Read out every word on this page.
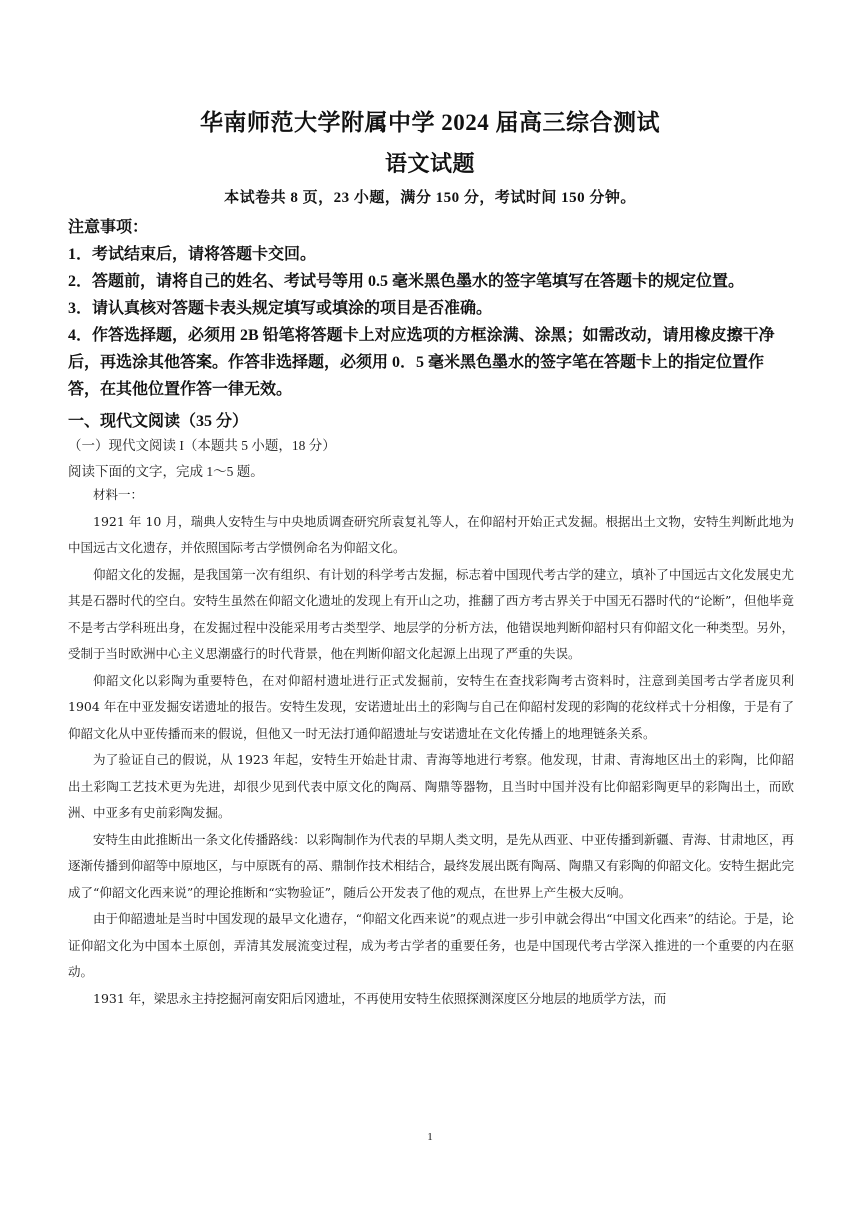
华南师范大学附属中学 2024 届高三综合测试
语文试题
本试卷共 8 页，23 小题，满分 150 分，考试时间 150 分钟。
注意事项：
1．考试结束后，请将答题卡交回。
2．答题前，请将自己的姓名、考试号等用 0.5 毫米黑色墨水的签字笔填写在答题卡的规定位置。
3．请认真核对答题卡表头规定填写或填涂的项目是否准确。
4．作答选择题，必须用 2B 铅笔将答题卡上对应选项的方框涂满、涂黑；如需改动，请用橡皮擦干净后，再选涂其他答案。作答非选择题，必须用 0．5 毫米黑色墨水的签字笔在答题卡上的指定位置作答，在其他位置作答一律无效。
一、现代文阅读（35 分）
（一）现代文阅读 I（本题共 5 小题，18 分）
阅读下面的文字，完成 1～5 题。

材料一：

1921 年 10 月，瑞典人安特生与中央地质调查研究所袁复礼等人，在仰韶村开始正式发掘。根据出土文物，安特生判断此地为中国远古文化遗存，并依照国际考古学惯例命名为仰韶文化。

仰韶文化的发掘，是我国第一次有组织、有计划的科学考古发掘，标志着中国现代考古学的建立，填补了中国远古文化发展史尤其是石器时代的空白。安特生虽然在仰韶文化遗址的发现上有开山之功，推翻了西方考古界关于中国无石器时代的“论断”，但他毕竟不是考古学科班出身，在发掘过程中没能采用考古类型学、地层学的分析方法，他错误地判断仰韶村只有仰韶文化一种类型。另外，受制于当时欧洲中心主义思潮盛行的时代背景，他在判断仰韶文化起源上出现了严重的失误。

仰韶文化以彩陶为重要特色，在对仰韶村遗址进行正式发掘前，安特生在查找彩陶考古资料时，注意到美国考古学者庞贝利 1904 年在中亚发掘安诺遗址的报告。安特生发现，安诺遗址出土的彩陶与自己在仰韶村发现的彩陶的花纹样式十分相像，于是有了仰韶文化从中亚传播而来的假说，但他又一时无法打通仰韶遗址与安诺遗址在文化传播上的地理链条关系。

为了验证自己的假说，从 1923 年起，安特生开始赴甘肃、青海等地进行考察。他发现，甘肃、青海地区出土的彩陶，比仰韶出土彩陶工艺技术更为先进，却很少见到代表中原文化的陶鬲、陶鼎等器物，且当时中国并没有比仰韶彩陶更早的彩陶出土，而欧洲、中亚多有史前彩陶发掘。

安特生由此推断出一条文化传播路线：以彩陶制作为代表的早期人类文明，是先从西亚、中亚传播到新疆、青海、甘肃地区，再逐渐传播到仰韶等中原地区，与中原既有的鬲、鼎制作技术相结合，最终发展出既有陶鬲、陶鼎又有彩陶的仰韶文化。安特生据此完成了“仰韶文化西来说”的理论推断和“实物验证”，随后公开发表了他的观点，在世界上产生极大反响。

由于仰韶遗址是当时中国发现的最早文化遗存，“仰韶文化西来说”的观点进一步引申就会得出“中国文化西来”的结论。于是，论证仰韶文化为中国本土原创，弄清其发展流变过程，成为考古学者的重要任务，也是中国现代考古学深入推进的一个重要的内在驱动。

1931 年，梁思永主持挖掘河南安阳后冈遗址，不再使用安特生依照探测深度区分地层的地质学方法，而

1
